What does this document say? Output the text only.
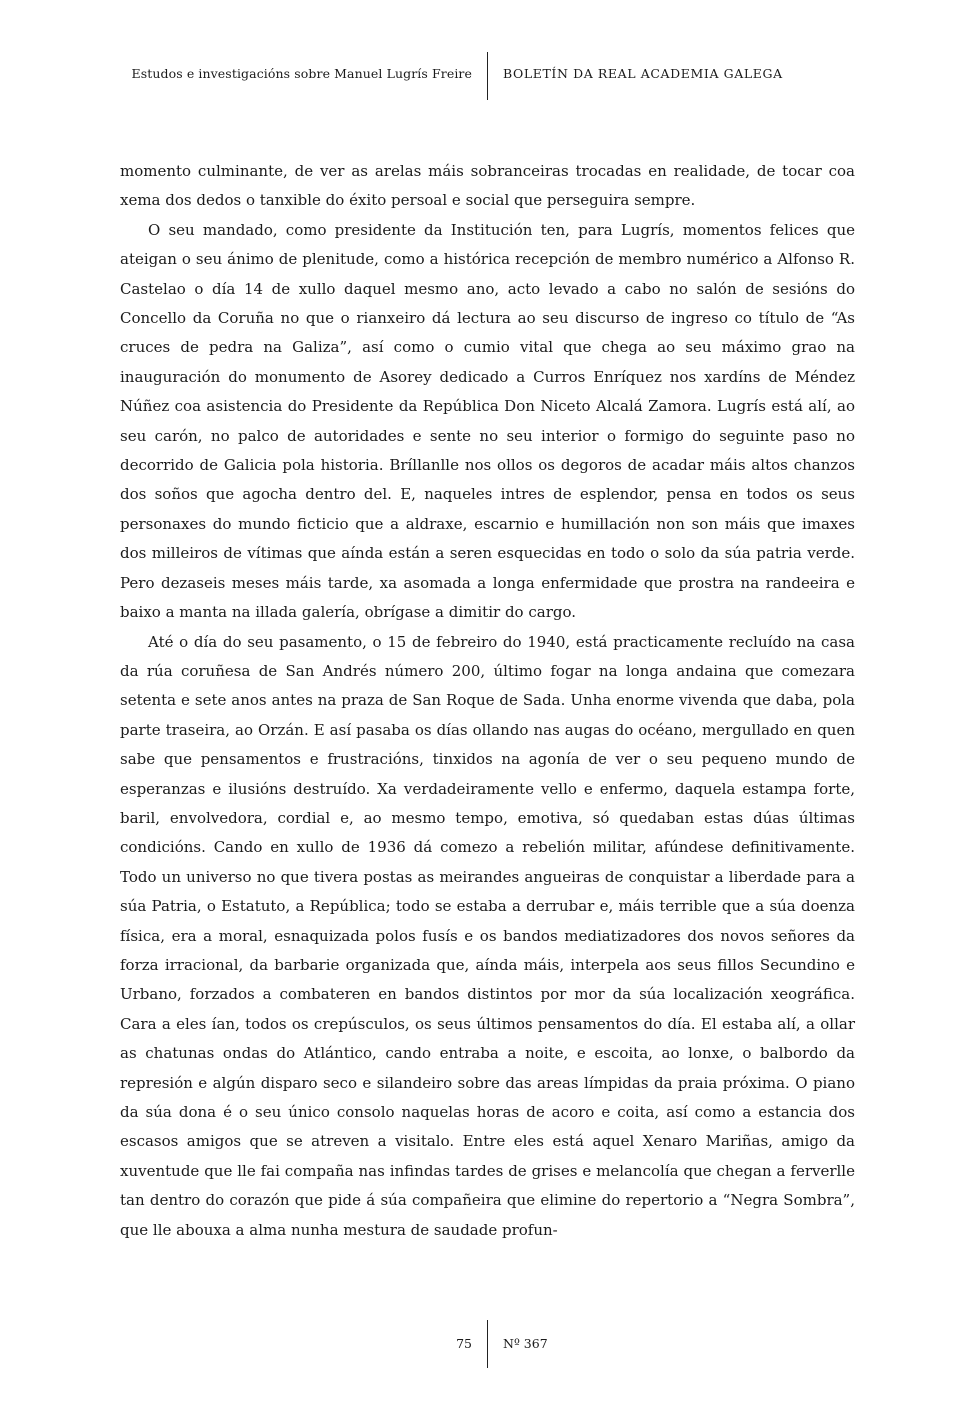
Estudos e investigacións sobre Manuel Lugrís Freire BOLETÍN DA REAL ACADEMIA GALEGA

momento culminante, de ver as arelas máis sobranceiras trocadas en realidade, de tocar coa xema dos dedos o tanxible do éxito persoal e social que perseguira sempre.

O seu mandado, como presidente da Institución ten, para Lugrís, momentos felices que ateigan o seu ánimo de plenitude, como a histórica recepción de membro numérico a Alfonso R. Castelao o día 14 de xullo daquel mesmo ano, acto levado a cabo no salón de sesións do Concello da Coruña no que o rianxeiro dá lectura ao seu discurso de ingreso co título de “As cruces de pedra na Galiza”, así como o cumio vital que chega ao seu máximo grao na inauguración do monumento de Asorey dedicado a Curros Enríquez nos xardíns de Méndez Núñez coa asistencia do Presidente da República Don Niceto Alcalá Zamora. Lugrís está alí, ao seu carón, no palco de autoridades e sente no seu interior o formigo do seguinte paso no decorrido de Galicia pola historia. Bríllanlle nos ollos os degoros de acadar máis altos chanzos dos soños que agocha dentro del. E, naqueles intres de esplendor, pensa en todos os seus personaxes do mundo ficticio que a aldraxe, escarnio e humillación non son máis que imaxes dos milleiros de vítimas que aínda están a seren esquecidas en todo o solo da súa patria verde. Pero dezaseis meses máis tarde, xa asomada a longa enfermidade que prostra na randeeira e baixo a manta na illada galería, obrígase a dimitir do cargo.

Até o día do seu pasamento, o 15 de febreiro do 1940, está practicamente recluído na casa da rúa coruñesa de San Andrés número 200, último fogar na longa andaina que comezara setenta e sete anos antes na praza de San Roque de Sada. Unha enorme vivenda que daba, pola parte traseira, ao Orzán. E así pasaba os días ollando nas augas do océano, mergullado en quen sabe que pensamentos e frustracións, tinxidos na agonía de ver o seu pequeno mundo de esperanzas e ilusións destruído. Xa verdadeiramente vello e enfermo, daquela estampa forte, baril, envolvedora, cordial e, ao mesmo tempo, emotiva, só quedaban estas dúas últimas condicións. Cando en xullo de 1936 dá comezo a rebelión militar, afúndese definitivamente. Todo un universo no que tivera postas as meirandes angueiras de conquistar a liberdade para a súa Patria, o Estatuto, a República; todo se estaba a derrubar e, máis terrible que a súa doenza física, era a moral, esnaquizada polos fusís e os bandos mediatizadores dos novos señores da forza irracional, da barbarie organizada que, aínda máis, interpela aos seus fillos Secundino e Urbano, forzados a combateren en bandos distintos por mor da súa localización xeográfica. Cara a eles ían, todos os crepúsculos, os seus últimos pensamentos do día. El estaba alí, a ollar as chatunas ondas do Atlántico, cando entraba a noite, e escoita, ao lonxe, o balbordo da represión e algún disparo seco e silandeiro sobre das areas límpidas da praia próxima. O piano da súa dona é o seu único consolo naquelas horas de acoro e coita, así como a estancia dos escasos amigos que se atreven a visitalo. Entre eles está aquel Xenaro Mariñas, amigo da xuventude que lle fai compaña nas infindas tardes de grises e melancolía que chegan a ferverlle tan dentro do corazón que pide á súa compañeira que elimine do repertorio a “Negra Sombra”, que lle abouxa a alma nunha mestura de saudade profun-

75 Nº 367
